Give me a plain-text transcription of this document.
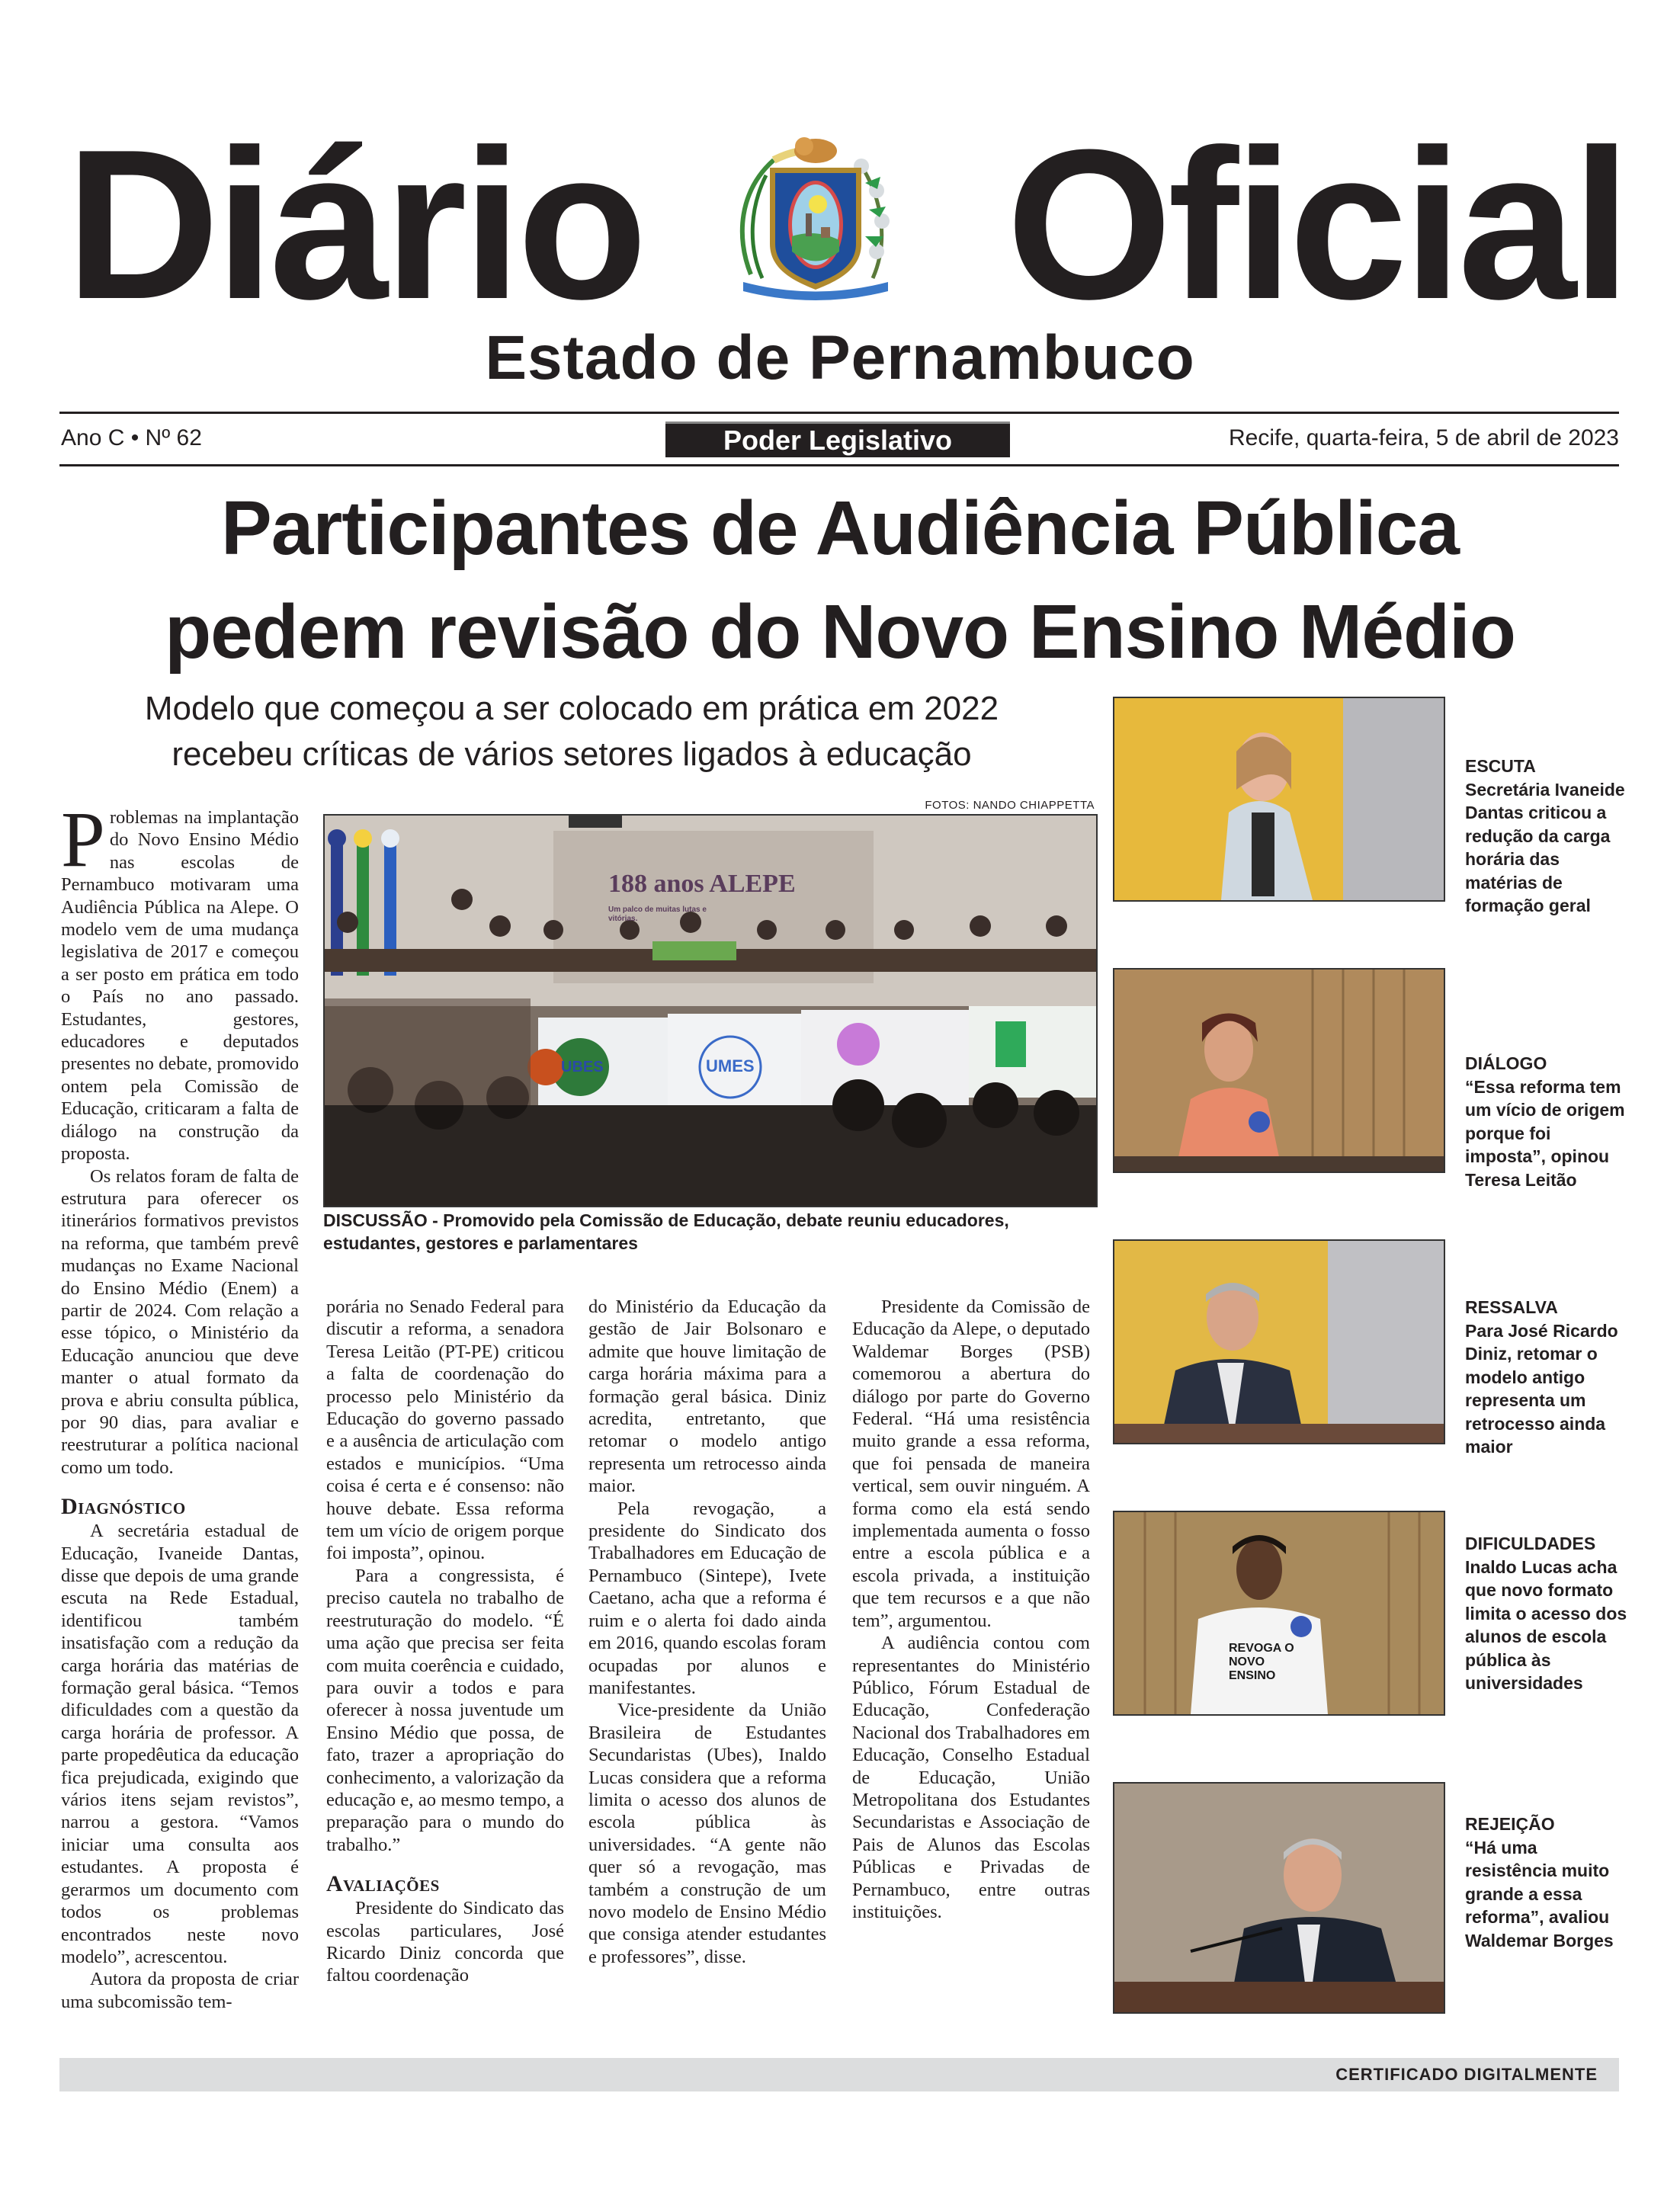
Diário Oficial
Estado de Pernambuco
Ano C • Nº 62	Poder Legislativo	Recife, quarta-feira, 5 de abril de 2023
Participantes de Audiência Pública
pedem revisão do Novo Ensino Médio
Modelo que começou a ser colocado em prática em 2022
recebeu críticas de vários setores ligados à educação

Problemas na implantação do Novo Ensino Médio nas escolas de Pernambuco motivaram uma Audiência Pública na Alepe. O modelo vem de uma mudança legislativa de 2017 e começou a ser posto em prática em todo o País no ano passado. Estudantes, gestores, educadores e deputados presentes no debate, promovido ontem pela Comissão de Educação, criticaram a falta de diálogo na construção da proposta.

Os relatos foram de falta de estrutura para oferecer os itinerários formativos previstos na reforma, que também prevê mudanças no Exame Nacional do Ensino Médio (Enem) a partir de 2024. Com relação a esse tópico, o Ministério da Educação anunciou que deve manter o atual formato da prova e abriu consulta pública, por 90 dias, para avaliar e reestruturar a política nacional como um todo.

Diagnóstico

A secretária estadual de Educação, Ivaneide Dantas, disse que depois de uma grande escuta na Rede Estadual, identificou também insatisfação com a redução da carga horária das matérias de formação geral básica. “Temos dificuldades com a questão da carga horária de professor. A parte propedêutica da educação fica prejudicada, exigindo que vários itens sejam revistos”, narrou a gestora. “Vamos iniciar uma consulta aos estudantes. A proposta é gerarmos um documento com todos os problemas encontrados neste novo modelo”, acrescentou.

Autora da proposta de criar uma subcomissão tem-

FOTOS: NANDO CHIAPPETTA
188 anos ALEPE
Um palco de muitas lutas e vitórias.
UBES	UMES
DISCUSSÃO - Promovido pela Comissão de Educação, debate reuniu educadores, estudantes, gestores e parlamentares

porária no Senado Federal para discutir a reforma, a senadora Teresa Leitão (PT-PE) criticou a falta de coordenação do processo pelo Ministério da Educação do governo passado e a ausência de articulação com estados e municípios. “Uma coisa é certa e é consenso: não houve debate. Essa reforma tem um vício de origem porque foi imposta”, opinou.

Para a congressista, é preciso cautela no trabalho de reestruturação do modelo. “É uma ação que precisa ser feita com muita coerência e cuidado, para ouvir a todos e para oferecer à nossa juventude um Ensino Médio que possa, de fato, trazer a apropriação do conhecimento, a valorização da educação e, ao mesmo tempo, a preparação para o mundo do trabalho.”

Avaliações

Presidente do Sindicato das escolas particulares, José Ricardo Diniz concorda que faltou coordenação

do Ministério da Educação da gestão de Jair Bolsonaro e admite que houve limitação de carga horária máxima para a formação geral básica. Diniz acredita, entretanto, que retomar o modelo antigo representa um retrocesso ainda maior.

Pela revogação, a presidente do Sindicato dos Trabalhadores em Educação de Pernambuco (Sintepe), Ivete Caetano, acha que a reforma é ruim e o alerta foi dado ainda em 2016, quando escolas foram ocupadas por alunos e manifestantes.

Vice-presidente da União Brasileira de Estudantes Secundaristas (Ubes), Inaldo Lucas considera que a reforma limita o acesso dos alunos de escola pública às universidades. “A gente não quer só a revogação, mas também a construção de um novo modelo de Ensino Médio que consiga atender estudantes e professores”, disse.

Presidente da Comissão de Educação da Alepe, o deputado Waldemar Borges (PSB) comemorou a abertura do diálogo por parte do Governo Federal. “Há uma resistência muito grande a essa reforma, que foi pensada de maneira vertical, sem ouvir ninguém. A forma como ela está sendo implementada aumenta o fosso entre a escola pública e a escola privada, a instituição que tem recursos e a que não tem”, argumentou.

A audiência contou com representantes do Ministério Público, Fórum Estadual de Educação, Confederação Nacional dos Trabalhadores em Educação, Conselho Estadual de Educação, União Metropolitana dos Estudantes Secundaristas e Associação de Pais de Alunos das Escolas Públicas e Privadas de Pernambuco, entre outras instituições.

ESCUTA
Secretária Ivaneide Dantas criticou a redução da carga horária das matérias de formação geral
DIÁLOGO
“Essa reforma tem um vício de origem porque foi imposta”, opinou Teresa Leitão
RESSALVA
Para José Ricardo Diniz, retomar o modelo antigo representa um retrocesso ainda maior
REVOGA O NOVO ENSINO
DIFICULDADES
Inaldo Lucas acha que novo formato limita o acesso dos alunos de escola pública às universidades
REJEIÇÃO
“Há uma resistência muito grande a essa reforma”, avaliou Waldemar Borges
CERTIFICADO DIGITALMENTE
